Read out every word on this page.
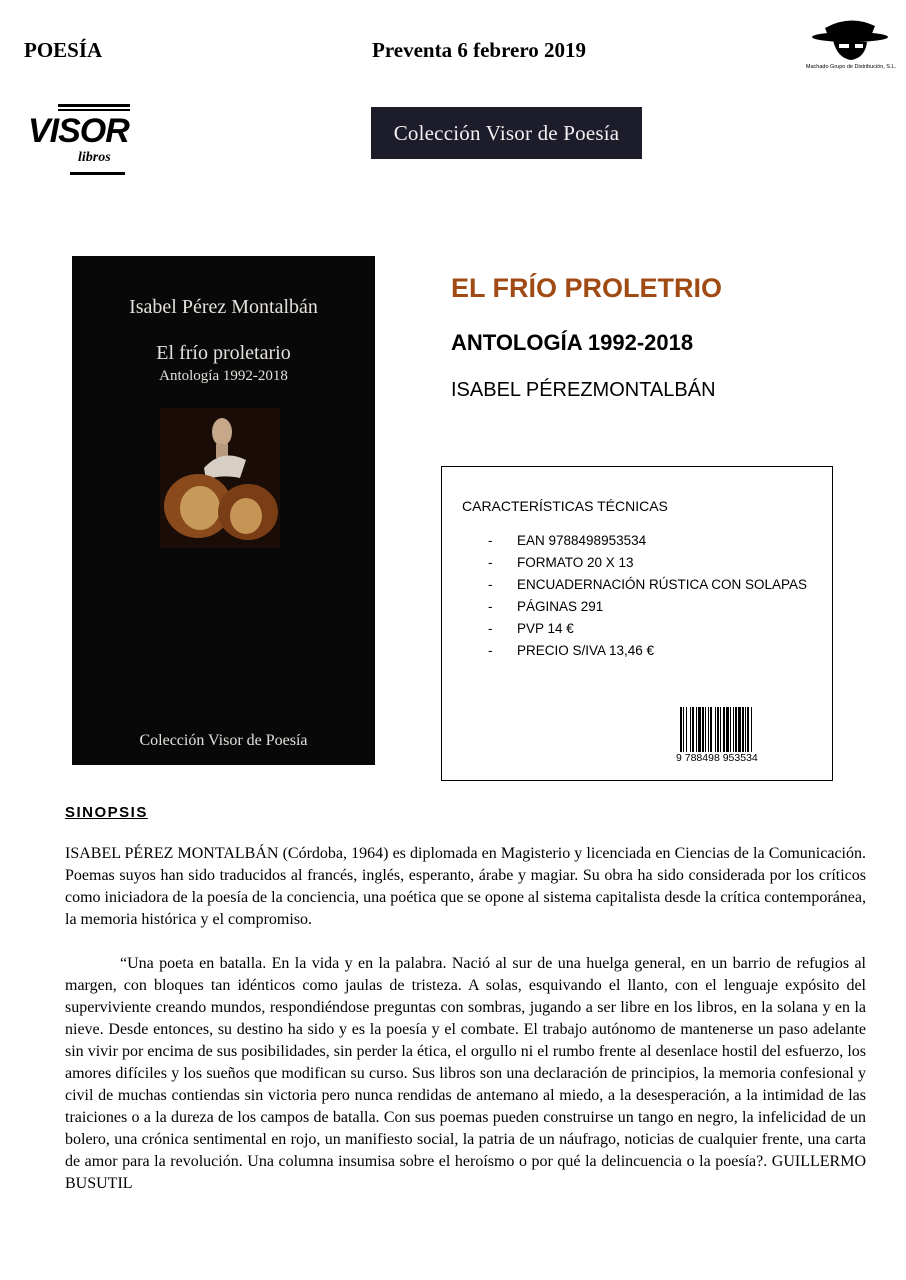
POESÍA	Preventa 6 febrero 2019
Machado Grupo de Distribución, S.L.
VISOR
libros
Colección Visor de Poesía
Isabel Pérez Montalbán
El frío proletario
Antología 1992-2018
Colección Visor de Poesía
EL FRÍO PROLETRIO
ANTOLOGÍA 1992-2018
ISABEL PÉREZMONTALBÁN
CARACTERÍSTICAS TÉCNICAS
- EAN 9788498953534
- FORMATO 20 X 13
- ENCUADERNACIÓN RÚSTICA CON SOLAPAS
- PÁGINAS 291
- PVP 14 €
- PRECIO S/IVA 13,46 €
9 788498 953534
SINOPSIS

ISABEL PÉREZ MONTALBÁN (Córdoba, 1964) es diplomada en Magisterio y licenciada en Ciencias de la Comunicación. Poemas suyos han sido traducidos al francés, inglés, esperanto, árabe y magiar. Su obra ha sido considerada por los críticos como iniciadora de la poesía de la conciencia, una poética que se opone al sistema capitalista desde la crítica contemporánea, la memoria histórica y el compromiso.

“Una poeta en batalla. En la vida y en la palabra. Nació al sur de una huelga general, en un barrio de refugios al margen, con bloques tan idénticos como jaulas de tristeza. A solas, esquivando el llanto, con el lenguaje expósito del superviviente creando mundos, respondiéndose preguntas con sombras, jugando a ser libre en los libros, en la solana y en la nieve. Desde entonces, su destino ha sido y es la poesía y el combate. El trabajo autónomo de mantenerse un paso adelante sin vivir por encima de sus posibilidades, sin perder la ética, el orgullo ni el rumbo frente al desenlace hostil del esfuerzo, los amores difíciles y los sueños que modifican su curso. Sus libros son una declaración de principios, la memoria confesional y civil de muchas contiendas sin victoria pero nunca rendidas de antemano al miedo, a la desesperación, a la intimidad de las traiciones o a la dureza de los campos de batalla. Con sus poemas pueden construirse un tango en negro, la infelicidad de un bolero, una crónica sentimental en rojo, un manifiesto social, la patria de un náufrago, noticias de cualquier frente, una carta de amor para la revolución. Una columna insumisa sobre el heroísmo o por qué la delincuencia o la poesía?. GUILLERMO BUSUTIL
